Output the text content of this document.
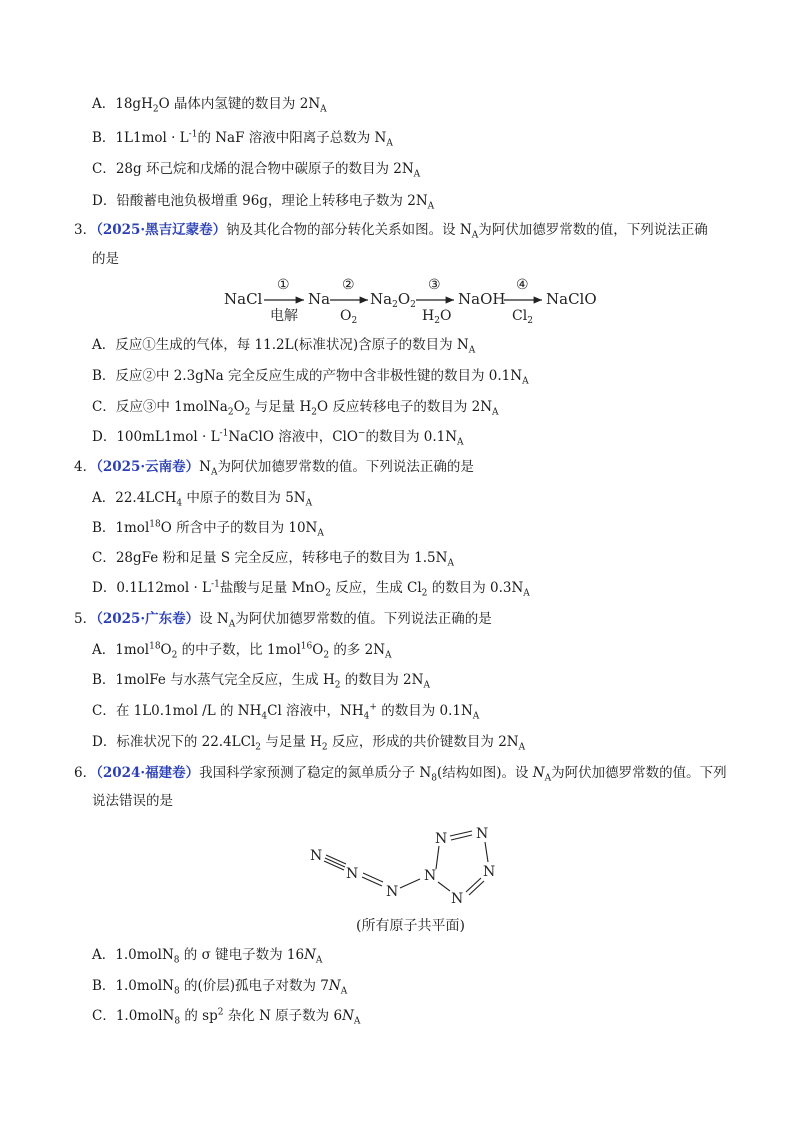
A．$18gH_2O$ 晶体内氢键的数目为 $2N_A$
B．$1L1mol \cdot L^{-1}$的 NaF 溶液中阳离子总数为 $N_A$
C．28g 环己烷和戊烯的混合物中碳原子的数目为 $2N_A$
D．铅酸蓄电池负极增重 96g，理论上转移电子数为 $2N_A$
3．（2025·黑吉辽蒙卷）钠及其化合物的部分转化关系如图。设 $N_A$为阿伏加德罗常数的值，下列说法正确
的是
NaCl
①
电解
Na
②
$O_2$
$Na_2O_2$
③
$H_2O$
NaOH
④
$Cl_2$
NaClO
A．反应①生成的气体，每 11.2L(标准状况)含原子的数目为 $N_A$
B．反应②中 2.3gNa 完全反应生成的产物中含非极性键的数目为 $0.1N_A$
C．反应③中 $1molNa_2O_2$ 与足量 $H_2O$ 反应转移电子的数目为 $2N_A$
D．$100mL1mol \cdot L^{-1}NaClO$ 溶液中，ClO−的数目为 $0.1N_A$
4．（2025·云南卷）$N_A$为阿伏加德罗常数的值。下列说法正确的是
A．$22.4LCH_4$ 中原子的数目为 $5N_A$
B．1mol$^{18}$O 所含中子的数目为 $10N_A$
C．28gFe 粉和足量 S 完全反应，转移电子的数目为 $1.5N_A$
D．$0.1L12mol \cdot L^{-1}$盐酸与足量 MnO$_2$ 反应，生成 $Cl_2$ 的数目为 $0.3N_A$
5．（2025·广东卷）设 $N_A$为阿伏加德罗常数的值。下列说法正确的是
A．$1mol^{18}O_2$ 的中子数，比 $1mol^{16}O_2$ 的多 $2N_A$
B．1molFe 与水蒸气完全反应，生成 $H_2$ 的数目为 $2N_A$
C．在 1L0.1mol /L 的 $NH_4Cl$ 溶液中，$NH_4^+$ 的数目为 $0.1N_A$
D．标准状况下的 22.4LCl$_2$ 与足量 $H_2$ 反应，形成的共价键数目为 $2N_A$
6．（2024·福建卷）我国科学家预测了稳定的氮单质分子 $N_8$(结构如图)。设 $N_A$为阿伏加德罗常数的值。下列
说法错误的是
N
N
N
N
N N
N
N
(所有原子共平面)
A．1.0molN$_8$ 的 σ 键电子数为 $16N_A$
B．1.0molN$_8$ 的(价层)孤电子对数为 $7N_A$
C．1.0molN$_8$ 的 $sp^2$ 杂化 N 原子数为 $6N_A$
